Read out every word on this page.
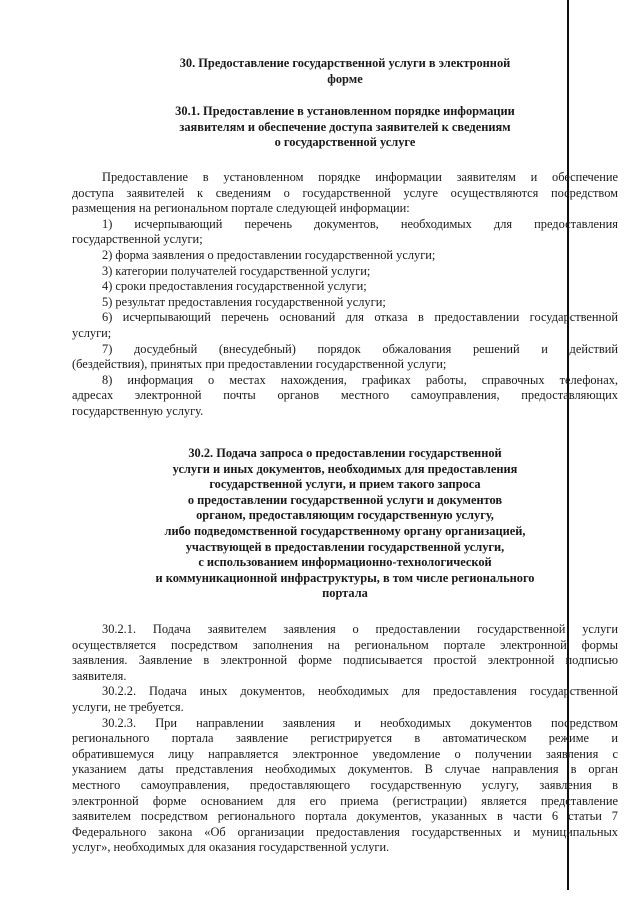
30. Предоставление государственной услуги в электронной
форме
30.1. Предоставление в установленном порядке информации
заявителям и обеспечение доступа заявителей к сведениям
о государственной услуге
Предоставление в установленном порядке информации заявителям и обеспечение
доступа заявителей к сведениям о государственной услуге осуществляются посредством
размещения на региональном портале следующей информации:
1) исчерпывающий перечень документов, необходимых для предоставления
государственной услуги;
2) форма заявления о предоставлении государственной услуги;
3) категории получателей государственной услуги;
4) сроки предоставления государственной услуги;
5) результат предоставления государственной услуги;
6) исчерпывающий перечень оснований для отказа в предоставлении государственной
услуги;
7) досудебный (внесудебный) порядок обжалования решений и действий
(бездействия), принятых при предоставлении государственной услуги;
8) информация о местах нахождения, графиках работы, справочных телефонах,
адресах электронной почты органов местного самоуправления, предоставляющих
государственную услугу.
30.2. Подача запроса о предоставлении государственной
услуги и иных документов, необходимых для предоставления
государственной услуги, и прием такого запроса
о предоставлении государственной услуги и документов
органом, предоставляющим государственную услугу,
либо подведомственной государственному органу организацией,
участвующей в предоставлении государственной услуги,
с использованием информационно-технологической
и коммуникационной инфраструктуры, в том числе регионального
портала
30.2.1. Подача заявителем заявления о предоставлении государственной услуги
осуществляется посредством заполнения на региональном портале электронной формы
заявления. Заявление в электронной форме подписывается простой электронной подписью
заявителя.
30.2.2. Подача иных документов, необходимых для предоставления государственной
услуги, не требуется.
30.2.3. При направлении заявления и необходимых документов посредством
регионального портала заявление регистрируется в автоматическом режиме и
обратившемуся лицу направляется электронное уведомление о получении заявления с
указанием даты представления необходимых документов. В случае направления в орган
местного самоуправления, предоставляющего государственную услугу, заявления в
электронной форме основанием для его приема (регистрации) является представление
заявителем посредством регионального портала документов, указанных в части 6 статьи 7
Федерального закона «Об организации предоставления государственных и муниципальных
услуг», необходимых для оказания государственной услуги.
